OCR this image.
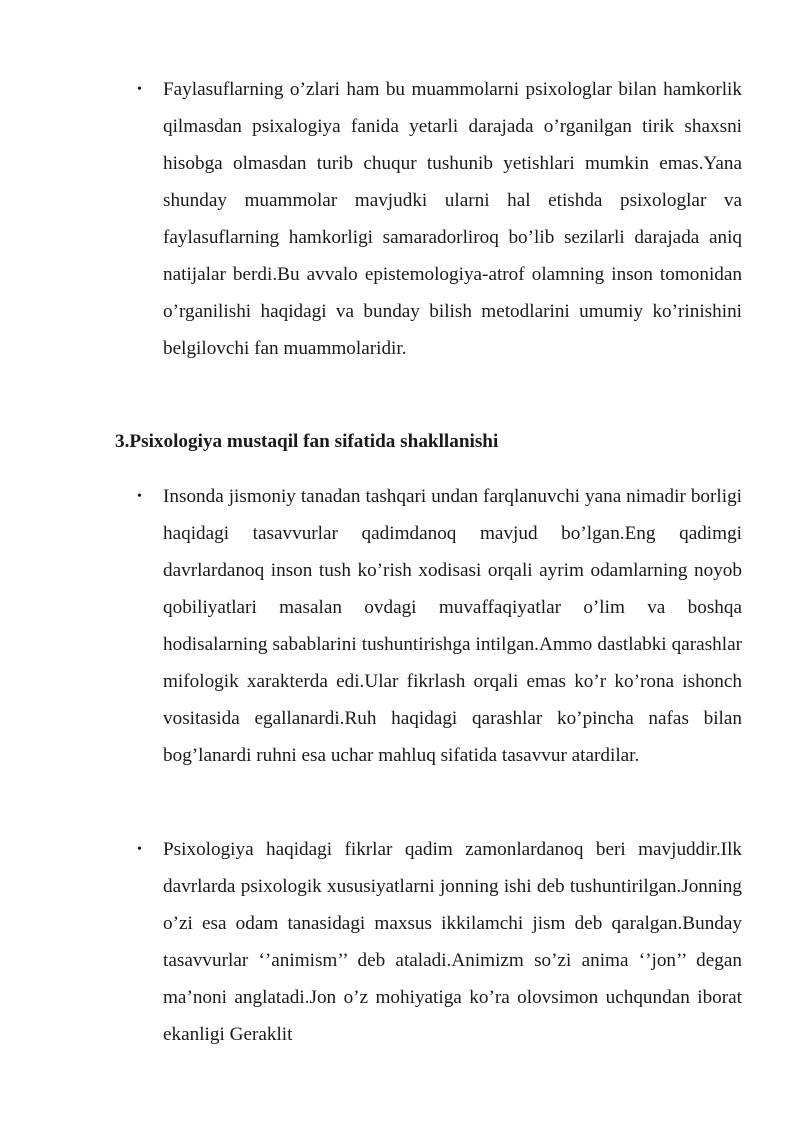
• Faylasuflarning o’zlari ham bu muammolarni psixologlar bilan hamkorlik qilmasdan psixalogiya fanida yetarli darajada o’rganilgan tirik shaxsni hisobga olmasdan turib chuqur tushunib yetishlari mumkin emas.Yana shunday muammolar mavjudki ularni hal etishda psixologlar va faylasuflarning hamkorligi samaradorliroq bo’lib sezilarli darajada aniq natijalar berdi.Bu avvalo epistemologiya-atrof olamning inson tomonidan o’rganilishi haqidagi va bunday bilish metodlarini umumiy ko’rinishini belgilovchi fan muammolaridir.
3.Psixologiya mustaqil fan sifatida shakllanishi
• Insonda jismoniy tanadan tashqari undan farqlanuvchi yana nimadir borligi haqidagi tasavvurlar qadimdanoq mavjud bo’lgan.Eng qadimgi davrlardanoq inson tush ko’rish xodisasi orqali ayrim odamlarning noyob qobiliyatlari masalan ovdagi muvaffaqiyatlar o’lim va boshqa hodisalarning sabablarini tushuntirishga intilgan.Ammo dastlabki qarashlar mifologik xarakterda edi.Ular fikrlash orqali emas ko’r ko’rona ishonch vositasida egallanardi.Ruh haqidagi qarashlar ko’pincha nafas bilan bog’lanardi ruhni esa uchar mahluq sifatida tasavvur atardilar.
• Psixologiya haqidagi fikrlar qadim zamonlardanoq beri mavjuddir.Ilk davrlarda psixologik xususiyatlarni jonning ishi deb tushuntirilgan.Jonning o’zi esa odam tanasidagi maxsus ikkilamchi jism deb qaralgan.Bunday tasavvurlar ‘’animism’’ deb ataladi.Animizm so’zi anima ‘’jon’’ degan ma’noni anglatadi.Jon o’z mohiyatiga ko’ra olovsimon uchqundan iborat ekanligi Geraklit
